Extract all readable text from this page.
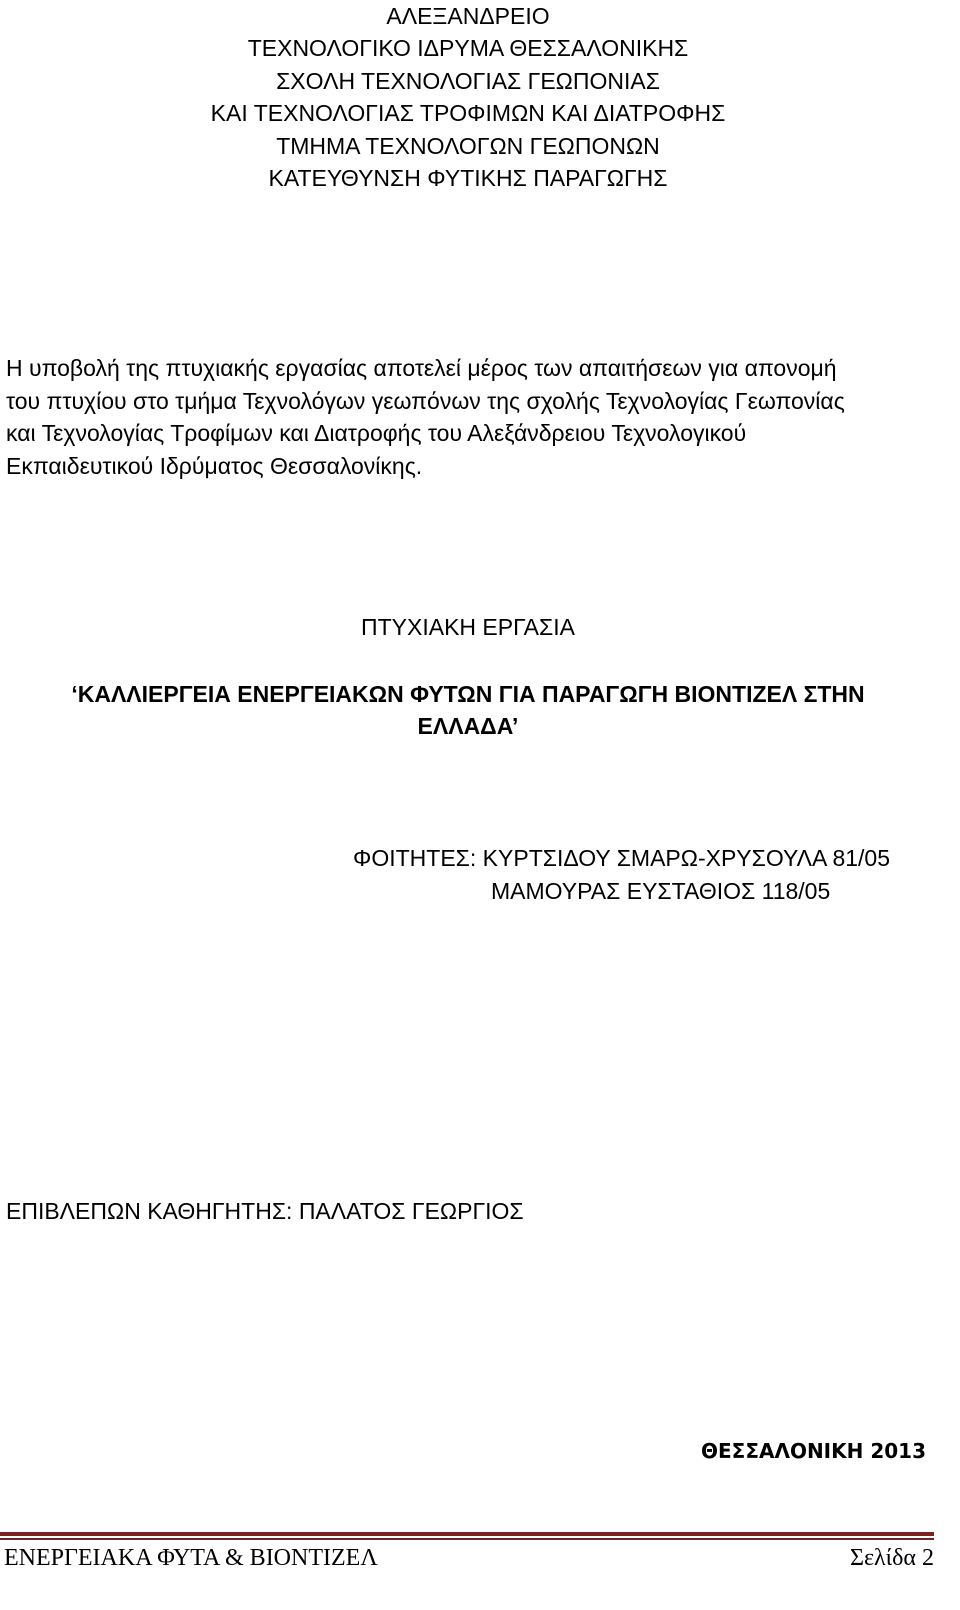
ΑΛΕΞΑΝΔΡΕΙΟ
ΤΕΧΝΟΛΟΓΙΚΟ ΙΔΡΥΜΑ ΘΕΣΣΑΛΟΝΙΚΗΣ
ΣΧΟΛΗ ΤΕΧΝΟΛΟΓΙΑΣ ΓΕΩΠΟΝΙΑΣ
ΚΑΙ ΤΕΧΝΟΛΟΓΙΑΣ ΤΡΟΦΙΜΩΝ ΚΑΙ ΔΙΑΤΡΟΦΗΣ
ΤΜΗΜΑ ΤΕΧΝΟΛΟΓΩΝ ΓΕΩΠΟΝΩΝ
ΚΑΤΕΥΘΥΝΣΗ ΦΥΤΙΚΗΣ ΠΑΡΑΓΩΓΗΣ
Η υποβολή της πτυχιακής εργασίας αποτελεί μέρος των απαιτήσεων για απονομή
του πτυχίου στο τμήμα Τεχνολόγων γεωπόνων της σχολής Τεχνολογίας Γεωπονίας
και Τεχνολογίας Τροφίμων και Διατροφής του Αλεξάνδρειου Τεχνολογικού
Εκπαιδευτικού Ιδρύματος Θεσσαλονίκης.
ΠΤΥΧΙΑΚΗ ΕΡΓΑΣΙΑ
‘ΚΑΛΛΙΕΡΓΕΙΑ ΕΝΕΡΓΕΙΑΚΩΝ ΦΥΤΩΝ ΓΙΑ ΠΑΡΑΓΩΓΗ ΒΙΟΝΤΙΖΕΛ ΣΤΗΝ
ΕΛΛΑΔΑ’
ΦΟΙΤΗΤΕΣ: ΚΥΡΤΣΙΔΟΥ ΣΜΑΡΩ-ΧΡΥΣΟΥΛΑ 81/05
ΜΑΜΟΥΡΑΣ ΕΥΣΤΑΘΙΟΣ 118/05
ΕΠΙΒΛΕΠΩΝ ΚΑΘΗΓΗΤΗΣ: ΠΑΛΑΤΟΣ ΓΕΩΡΓΙΟΣ
ΘΕΣΣΑΛΟΝΙΚΗ 2013
ΕΝΕΡΓΕΙΑΚΑ ΦΥΤΑ & ΒΙΟΝΤΙΖΕΛ	Σελίδα 2
